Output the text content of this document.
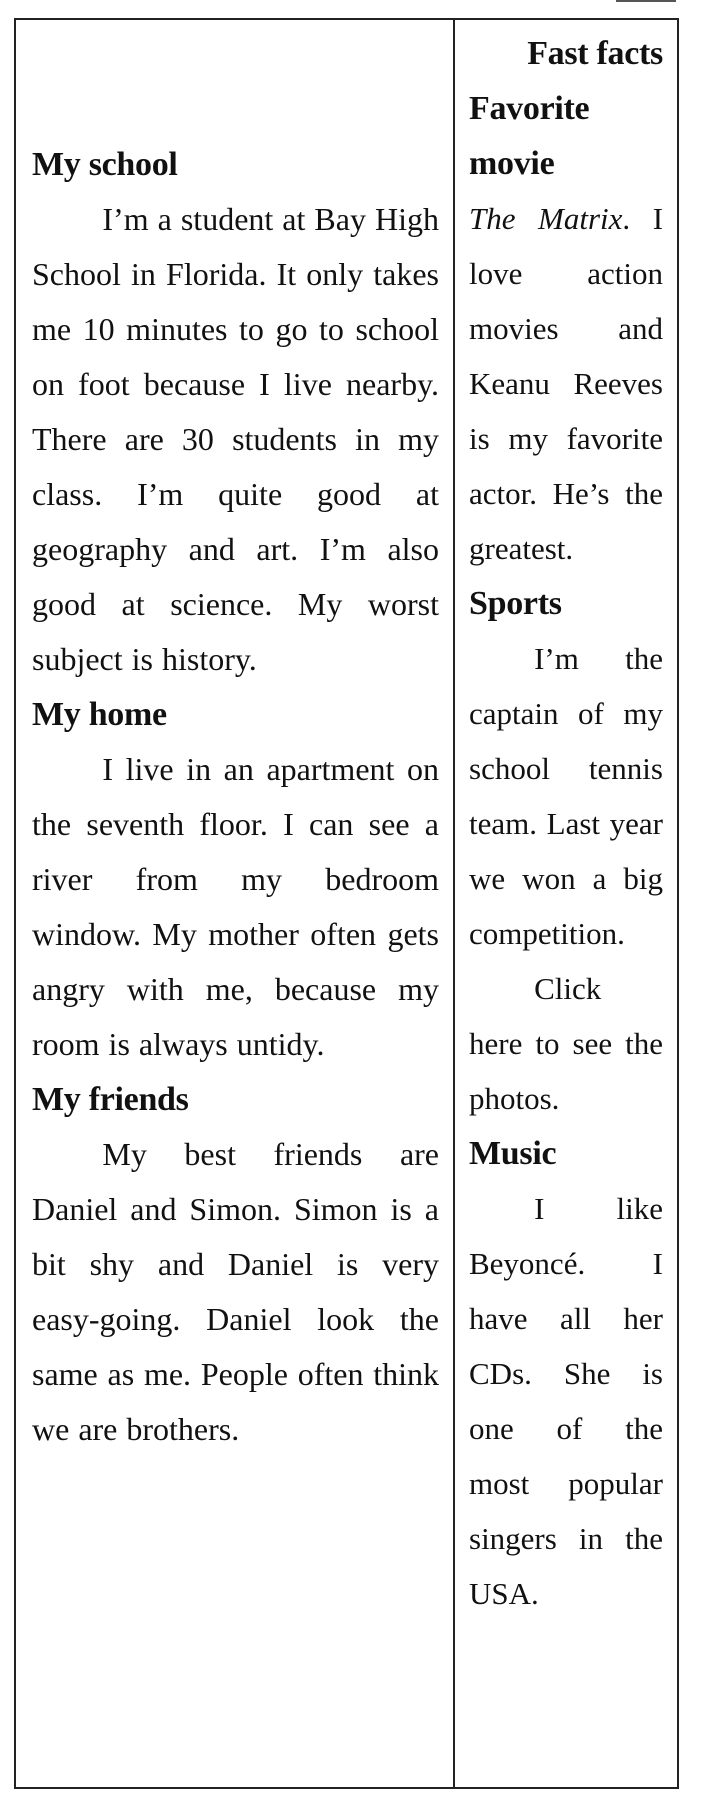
My school

I’m a student at Bay High School in Florida. It only takes me 10 minutes to go to school on foot because I live nearby. There are 30 students in my class. I’m quite good at geography and art. I’m also good at science. My worst subject is history.

My home

I live in an apartment on the seventh floor. I can see a river from my bedroom window. My mother often gets angry with me, because my room is always untidy.

My friends

My best friends are Daniel and Simon. Simon is a bit shy and Daniel is very easy-going. Daniel look the same as me. People often think we are brothers.

Fast facts
Favorite movie

The Matrix. I love action movies and Keanu Reeves is my favorite actor. He’s the greatest.

Sports

I’m the captain of my school tennis team. Last year we won a big competition.

Click here to see the photos.

Music

I like Beyoncé. I have all her CDs. She is one of the most popular singers in the USA.
